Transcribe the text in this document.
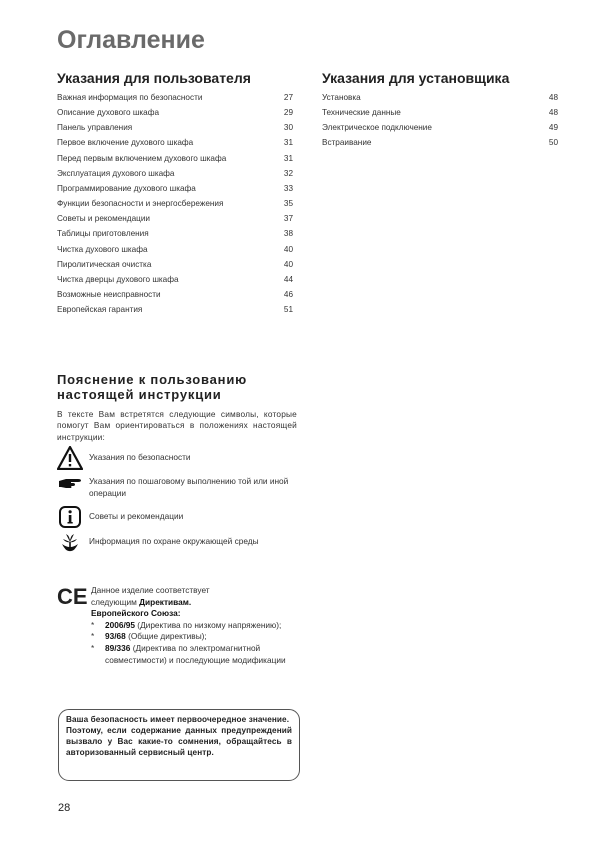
Оглавление
Указания для пользователя
Важная информация по безопасности	27
Описание духового шкафа	29
Панель управления	30
Первое включение духового шкафа	31
Перед первым включением духового шкафа	31
Эксплуатация духового шкафа	32
Программирование духового шкафа	33
Функции безопасности и энергосбережения	35
Советы и рекомендации	37
Таблицы приготовления	38
Чистка духового шкафа	40
Пиролитическая очистка	40
Чистка дверцы духового шкафа	44
Возможные неисправности	46
Европейская гарантия	51
Указания для установщика
Установка	48
Технические данные	48
Электрическое подключение	49
Встраивание	50
Пояснение к пользованию
настоящей инструкции
В тексте Вам встретятся следующие символы, которые помогут Вам ориентироваться в положениях настоящей инструкции:
Указания по безопасности
Указания по пошаговому выполнению той или иной операции
Советы и рекомендации
Информация по охране окружающей среды
CE Данное изделие соответствует
следующим Директивам.
Европейского Союза:
*	2006/95 (Директива по низкому напряжению);
*	93/68 (Общие директивы);
*	89/336 (Директива по электромагнитной совместимости) и последующие модификации

Ваша безопасность имеет первоочередное значение.

Поэтому, если содержание данных предупреждений вызвало у Вас какие-то сомнения, обращайтесь в авторизованный сервисный центр.

28
